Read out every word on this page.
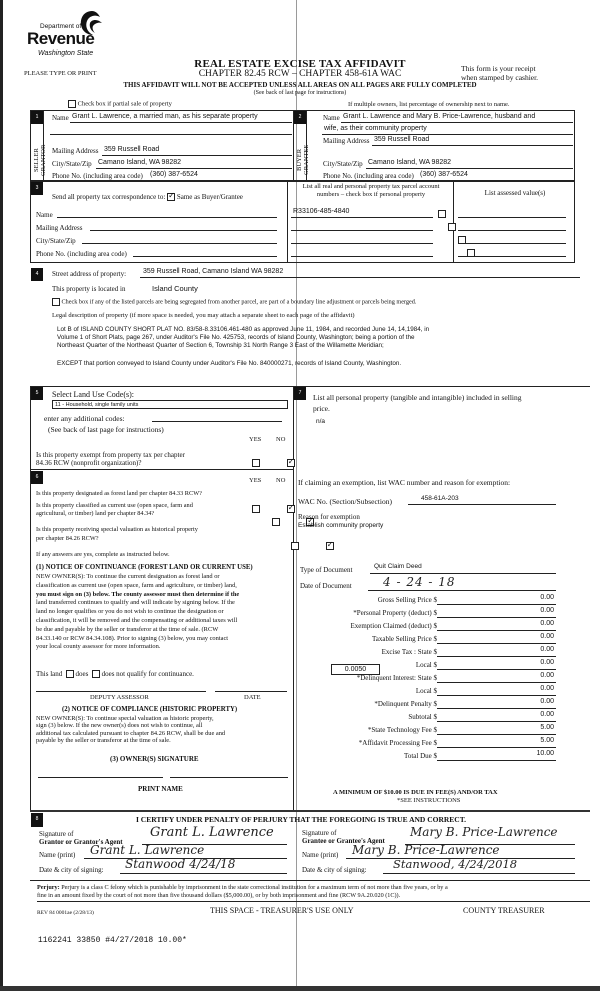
Department of
Revenue
Washington State
REAL ESTATE EXCISE TAX AFFIDAVIT
CHAPTER 82.45 RCW – CHAPTER 458-61A WAC
PLEASE TYPE OR PRINT
This form is your receipt
when stamped by cashier.
THIS AFFIDAVIT WILL NOT BE ACCEPTED UNLESS ALL AREAS ON ALL PAGES ARE FULLY COMPLETED
(See back of last page for instructions)
Check box if partial sale of property	If multiple owners, list percentage of ownership next to name.
1
SELLER
GRANTOR
Name Grant L. Lawrence, a married man, as his separate property
Mailing Address 359 Russell Road
City/State/Zip Camano Island, WA 98282
Phone No. (including area code) (360) 387-6524
2
BUYER
GRANTEE
Name Grant L. Lawrence and Mary B. Price-Lawrence, husband and
wife, as their community property
Mailing Address 359 Russell Road
City/State/Zip Camano Island, WA 98282
Phone No. (including area code) (360) 387-6524
3
Send all property tax correspondence to: ✓ Same as Buyer/Grantee
Name
Mailing Address
City/State/Zip
Phone No. (including area code)
List all real and personal property tax parcel account
numbers – check box if personal property	List assessed value(s)
R33106-485-4840

4	Street address of property: 359 Russell Road, Camano Island WA 98282
This property is located in	Island County
Check box if any of the listed parcels are being segregated from another parcel, are part of a boundary line adjustment or parcels being merged.
Legal description of property (if more space is needed, you may attach a separate sheet to each page of the affidavit)
Lot B of ISLAND COUNTY SHORT PLAT NO. 83/58-8.33106.461-480 as approved June 11, 1984, and recorded June 14, 14,1984, in
Volume 1 of Short Plats, page 267, under Auditor's File No. 425753, records of Island County, Washington; being a portion of the
Northeast Quarter of the Northeast Quarter of Section 6, Township 31 North Range 3 East of the Willamette Meridian;
EXCEPT that portion conveyed to Island County under Auditor's File No. 840000271, records of Island County, Washington.
5	Select Land Use Code(s):
11 - Household, single family units
enter any additional codes:
(See back of last page for instructions)
YES NO
Is this property exempt from property tax per chapter
84.36 RCW (nonprofit organization)?
✓
6	YES NO
Is this property designated as forest land per chapter 84.33 RCW?
✓
Is this property classified as current use (open space, farm and
agricultural, or timber) land per chapter 84.34?
✓
Is this property receiving special valuation as historical property
per chapter 84.26 RCW?
✓
If any answers are yes, complete as instructed below.
(1) NOTICE OF CONTINUANCE (FOREST LAND OR CURRENT USE)
NEW OWNER(S): To continue the current designation as forest land or
classification as current use (open space, farm and agriculture, or timber) land,
you must sign on (3) below. The county assessor must then determine if the
land transferred continues to qualify and will indicate by signing below. If the
land no longer qualifies or you do not wish to continue the designation or
classification, it will be removed and the compensating or additional taxes will
be due and payable by the seller or transferor at the time of sale. (RCW
84.33.140 or RCW 84.34.108). Prior to signing (3) below, you may contact
your local county assessor for more information.
This land does does not qualify for continuance.
DEPUTY ASSESSOR	DATE
(2) NOTICE OF COMPLIANCE (HISTORIC PROPERTY)
NEW OWNER(S): To continue special valuation as historic property,
sign (3) below. If the new owner(s) does not wish to continue, all
additional tax calculated pursuant to chapter 84.26 RCW, shall be due and
payable by the seller or transferor at the time of sale.
(3) OWNER(S) SIGNATURE
PRINT NAME
7	List all personal property (tangible and intangible) included in selling
price.
n/a
If claiming an exemption, list WAC number and reason for exemption:
WAC No. (Section/Subsection)	458-61A-203
Reason for exemption
Establish community property
Type of Document	Quit Claim Deed
Date of Document	4 - 24 - 18
0.0050
Gross Selling Price $	0.00
*Personal Property (deduct) $	0.00
Exemption Claimed (deduct) $	0.00
Taxable Selling Price $	0.00
Excise Tax : State $	0.00
Local $	0.00
*Delinquent Interest: State $	0.00
Local $	0.00
*Delinquent Penalty $	0.00
Subtotal $	0.00
*State Technology Fee $	5.00
*Affidavit Processing Fee $	5.00
Total Due $	10.00
A MINIMUM OF $10.00 IS DUE IN FEE(S) AND/OR TAX
*SEE INSTRUCTIONS
8	I CERTIFY UNDER PENALTY OF PERJURY THAT THE FOREGOING IS TRUE AND CORRECT.
Signature of
Grantor or Grantor's Agent
Grant L. Lawrence
Name (print) Grant L. Lawrence
Date & city of signing: Stanwood 4/24/18
Signature of
Grantee or Grantee's Agent
Mary B. Price-Lawrence
Name (print) Mary B. Price-Lawrence
Date & city of signing: Stanwood, 4/24/2018
Perjury: Perjury is a class C felony which is punishable by imprisonment in the state correctional institution for a maximum term of not more than five years, or by a
fine in an amount fixed by the court of not more than five thousand dollars ($5,000.00), or by both imprisonment and fine (RCW 9A.20.020 (1C)).
REV 84 0001ae (2/28/13)	THIS SPACE - TREASURER'S USE ONLY	COUNTY TREASURER
1162241 33850 #4/27/2018 10.00*
